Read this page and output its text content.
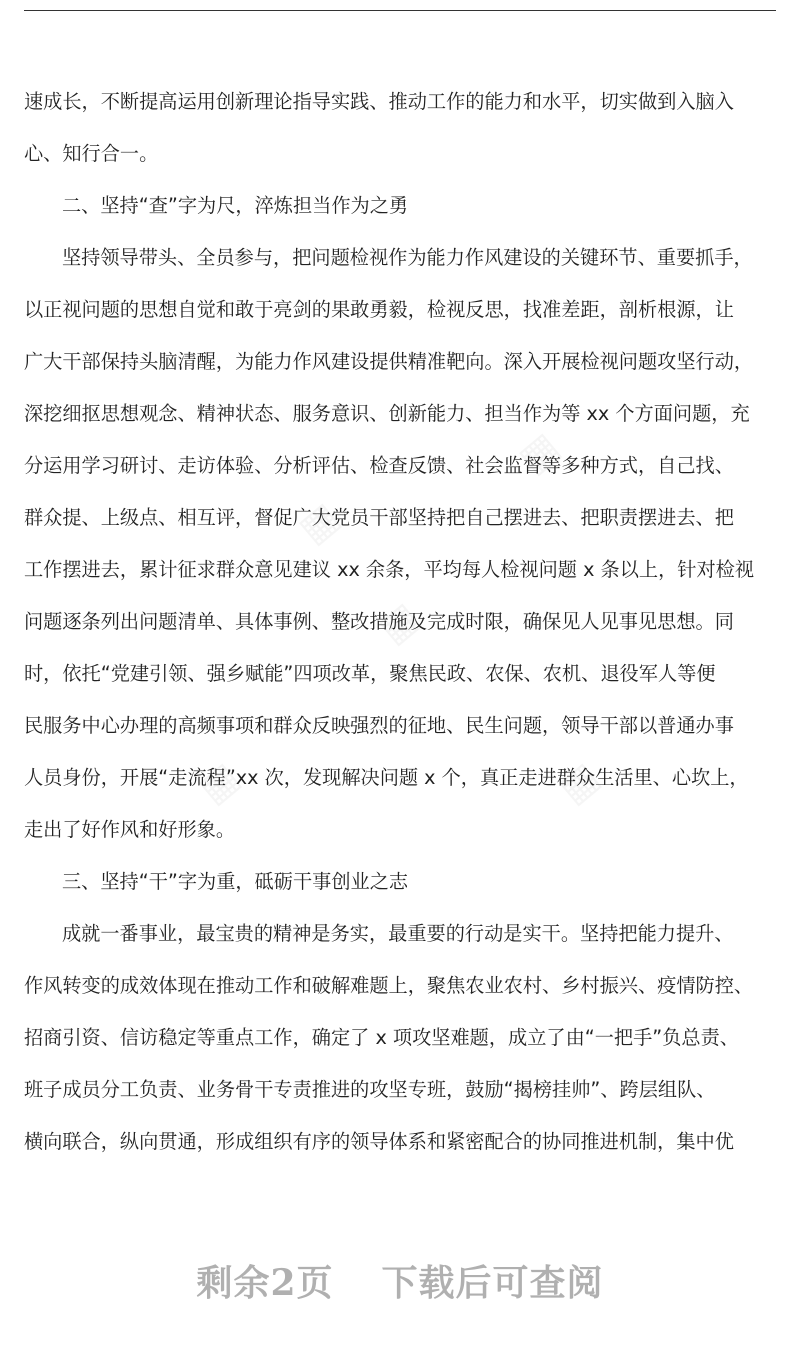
速成长，不断提高运用创新理论指导实践、推动工作的能力和水平，切实做到入脑入
心、知行合一。
二、坚持“查”字为尺，淬炼担当作为之勇
坚持领导带头、全员参与，把问题检视作为能力作风建设的关键环节、重要抓手，
以正视问题的思想自觉和敢于亮剑的果敢勇毅，检视反思，找准差距，剖析根源，让
广大干部保持头脑清醒，为能力作风建设提供精准靶向。深入开展检视问题攻坚行动，
深挖细抠思想观念、精神状态、服务意识、创新能力、担当作为等 xx 个方面问题，充
分运用学习研讨、走访体验、分析评估、检查反馈、社会监督等多种方式，自己找、
群众提、上级点、相互评，督促广大党员干部坚持把自己摆进去、把职责摆进去、把
工作摆进去，累计征求群众意见建议 xx 余条，平均每人检视问题 x 条以上，针对检视
问题逐条列出问题清单、具体事例、整改措施及完成时限，确保见人见事见思想。同
时，依托“党建引领、强乡赋能”四项改革，聚焦民政、农保、农机、退役军人等便
民服务中心办理的高频事项和群众反映强烈的征地、民生问题，领导干部以普通办事
人员身份，开展“走流程”xx 次，发现解决问题 x 个，真正走进群众生活里、心坎上，
走出了好作风和好形象。
三、坚持“干”字为重，砥砺干事创业之志
成就一番事业，最宝贵的精神是务实，最重要的行动是实干。坚持把能力提升、
作风转变的成效体现在推动工作和破解难题上，聚焦农业农村、乡村振兴、疫情防控、
招商引资、信访稳定等重点工作，确定了 x 项攻坚难题，成立了由“一把手”负总责、
班子成员分工负责、业务骨干专责推进的攻坚专班，鼓励“揭榜挂帅”、跨层组队、
横向联合，纵向贯通，形成组织有序的领导体系和紧密配合的协同推进机制，集中优
剩余2页 下载后可查阅
